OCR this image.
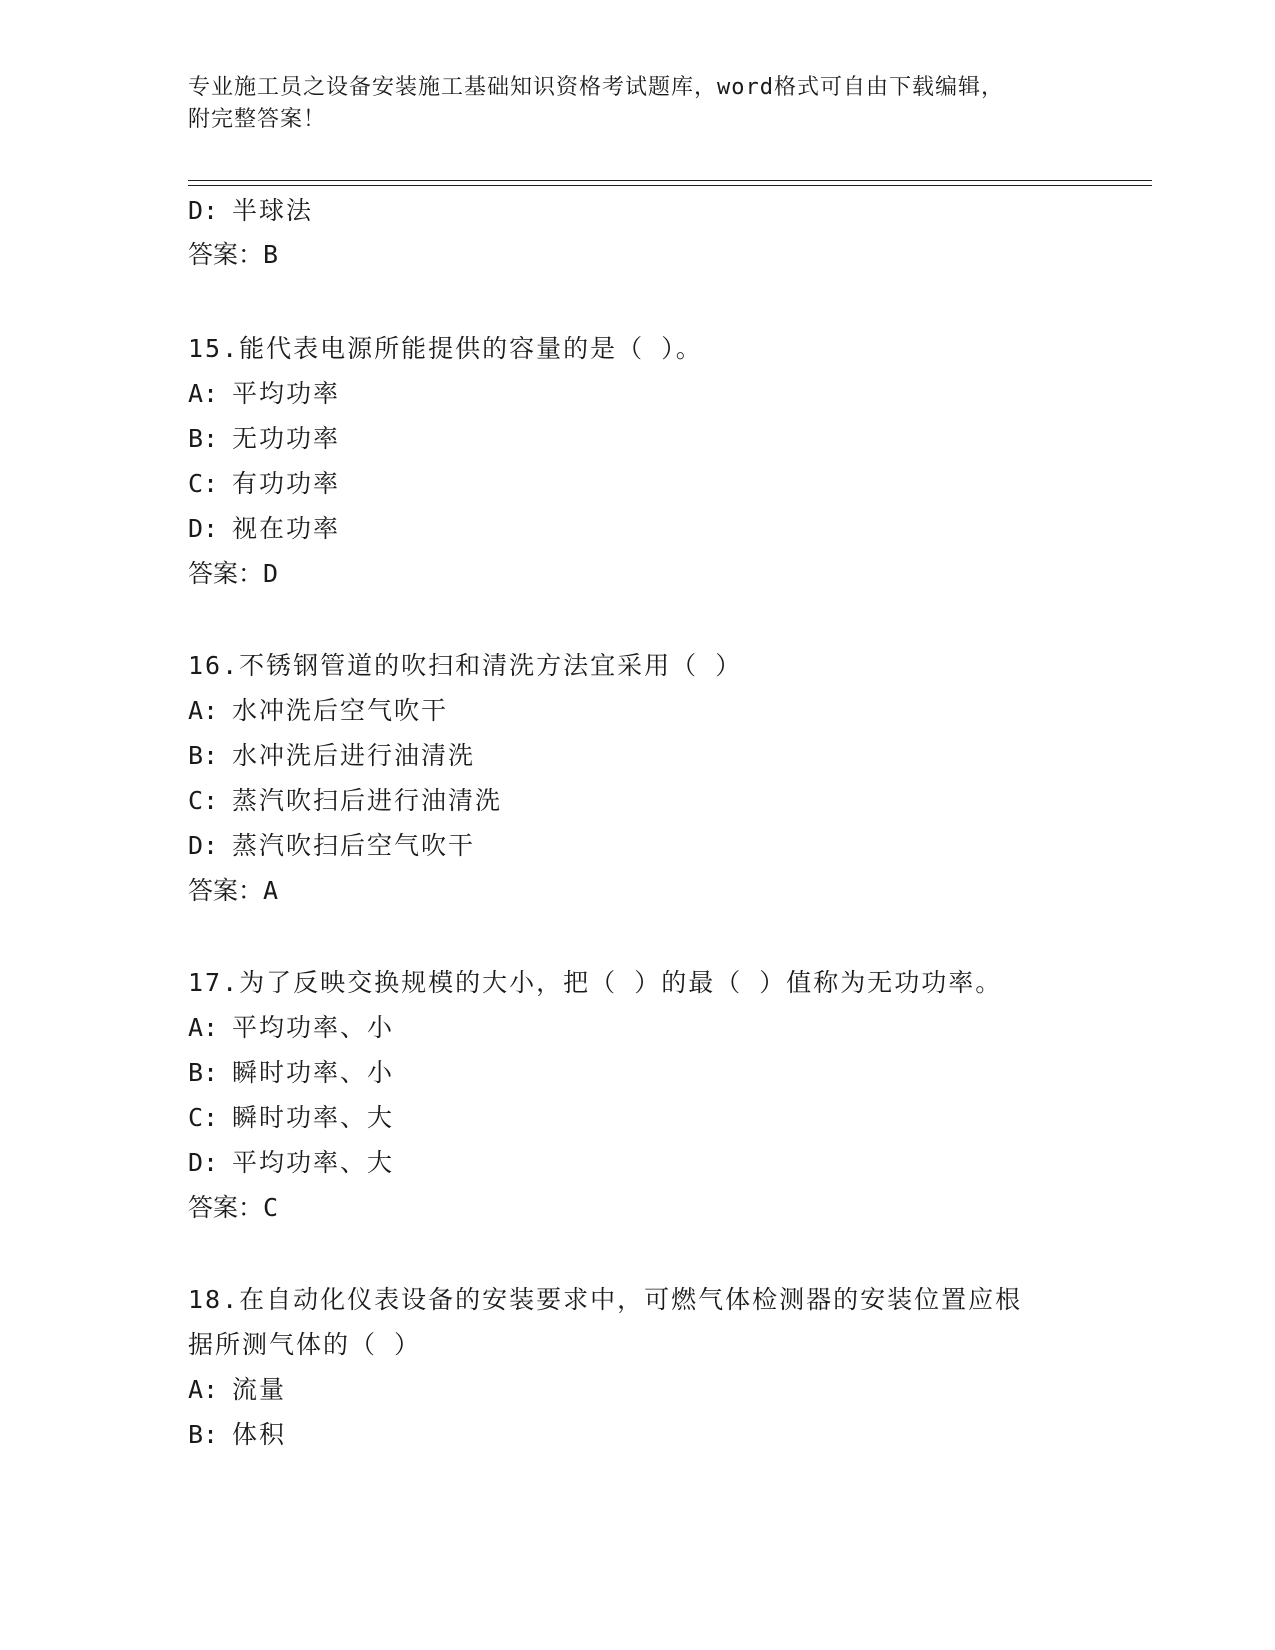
专业施工员之设备安装施工基础知识资格考试题库，word格式可自由下载编辑，
附完整答案！
D: 半球法
答案：B
15.能代表电源所能提供的容量的是（ ）。
A: 平均功率
B: 无功功率
C: 有功功率
D: 视在功率
答案：D
16.不锈钢管道的吹扫和清洗方法宜采用（ ）
A: 水冲洗后空气吹干
B: 水冲洗后进行油清洗
C: 蒸汽吹扫后进行油清洗
D: 蒸汽吹扫后空气吹干
答案：A
17.为了反映交换规模的大小，把（ ）的最（ ）值称为无功功率。
A: 平均功率、小
B: 瞬时功率、小
C: 瞬时功率、大
D: 平均功率、大
答案：C
18.在自动化仪表设备的安装要求中，可燃气体检测器的安装位置应根
据所测气体的（ ）
A: 流量
B: 体积
